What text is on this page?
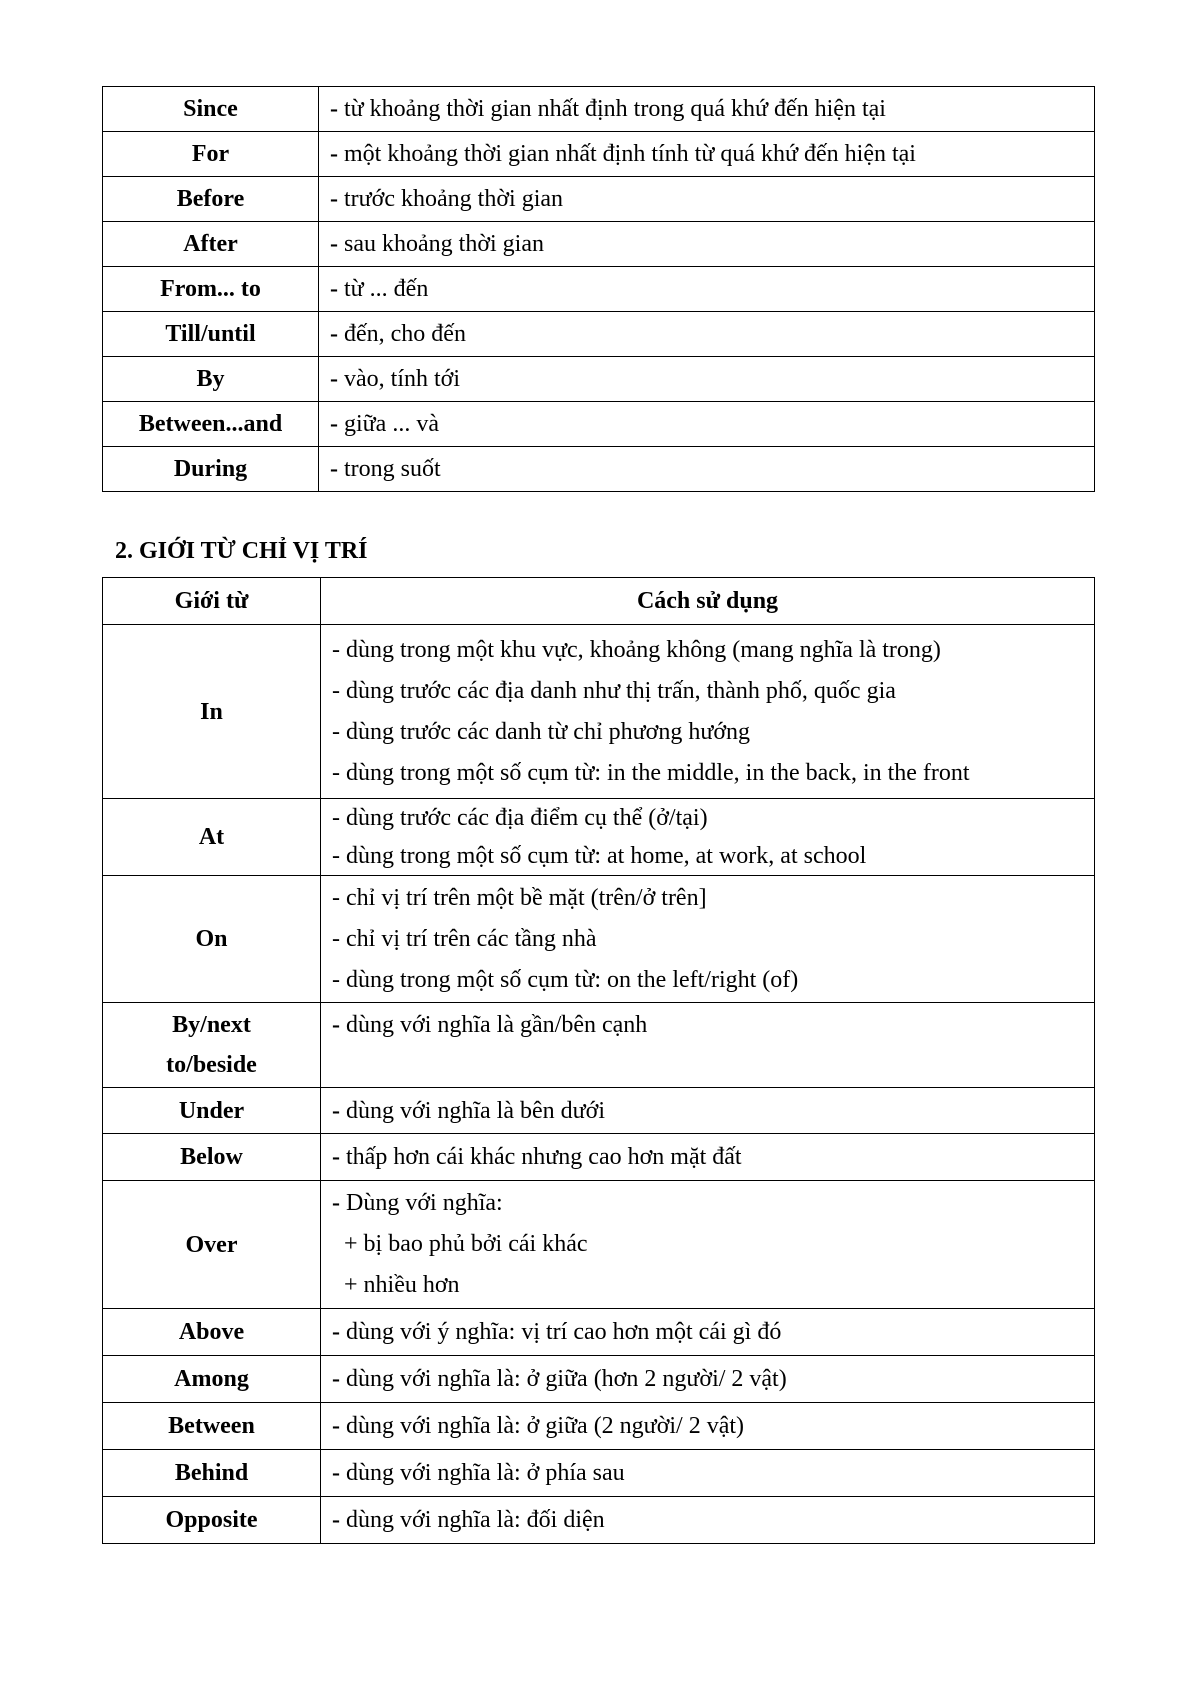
Since	- từ khoảng thời gian nhất định trong quá khứ đến hiện tại
For	- một khoảng thời gian nhất định tính từ quá khứ đến hiện tại
Before	- trước khoảng thời gian
After	- sau khoảng thời gian
From... to	- từ ... đến
Till/until	- đến, cho đến
By	- vào, tính tới
Between...and	- giữa ... và
During	- trong suốt
2. GIỚI TỪ CHỈ VỊ TRÍ
Giới từ	Cách sử dụng
In	- dùng trong một khu vực, khoảng không (mang nghĩa là trong)
- dùng trước các địa danh như thị trấn, thành phố, quốc gia
- dùng trước các danh từ chỉ phương hướng
- dùng trong một số cụm từ: in the middle, in the back, in the front

At	- dùng trước các địa điểm cụ thể (ở/tại)
- dùng trong một số cụm từ: at home, at work, at school

On	- chỉ vị trí trên một bề mặt (trên/ở trên]
- chỉ vị trí trên các tầng nhà
- dùng trong một số cụm từ: on the left/right (of)

By/next
to/beside	- dùng với nghĩa là gần/bên cạnh
Under	- dùng với nghĩa là bên dưới
Below	- thấp hơn cái khác nhưng cao hơn mặt đất
Over	- Dùng với nghĩa:
+ bị bao phủ bởi cái khác
+ nhiều hơn

Above	- dùng với ý nghĩa: vị trí cao hơn một cái gì đó
Among	- dùng với nghĩa là: ở giữa (hơn 2 người/ 2 vật)
Between	- dùng với nghĩa là: ở giữa (2 người/ 2 vật)
Behind	- dùng với nghĩa là: ở phía sau
Opposite	- dùng với nghĩa là: đối diện
